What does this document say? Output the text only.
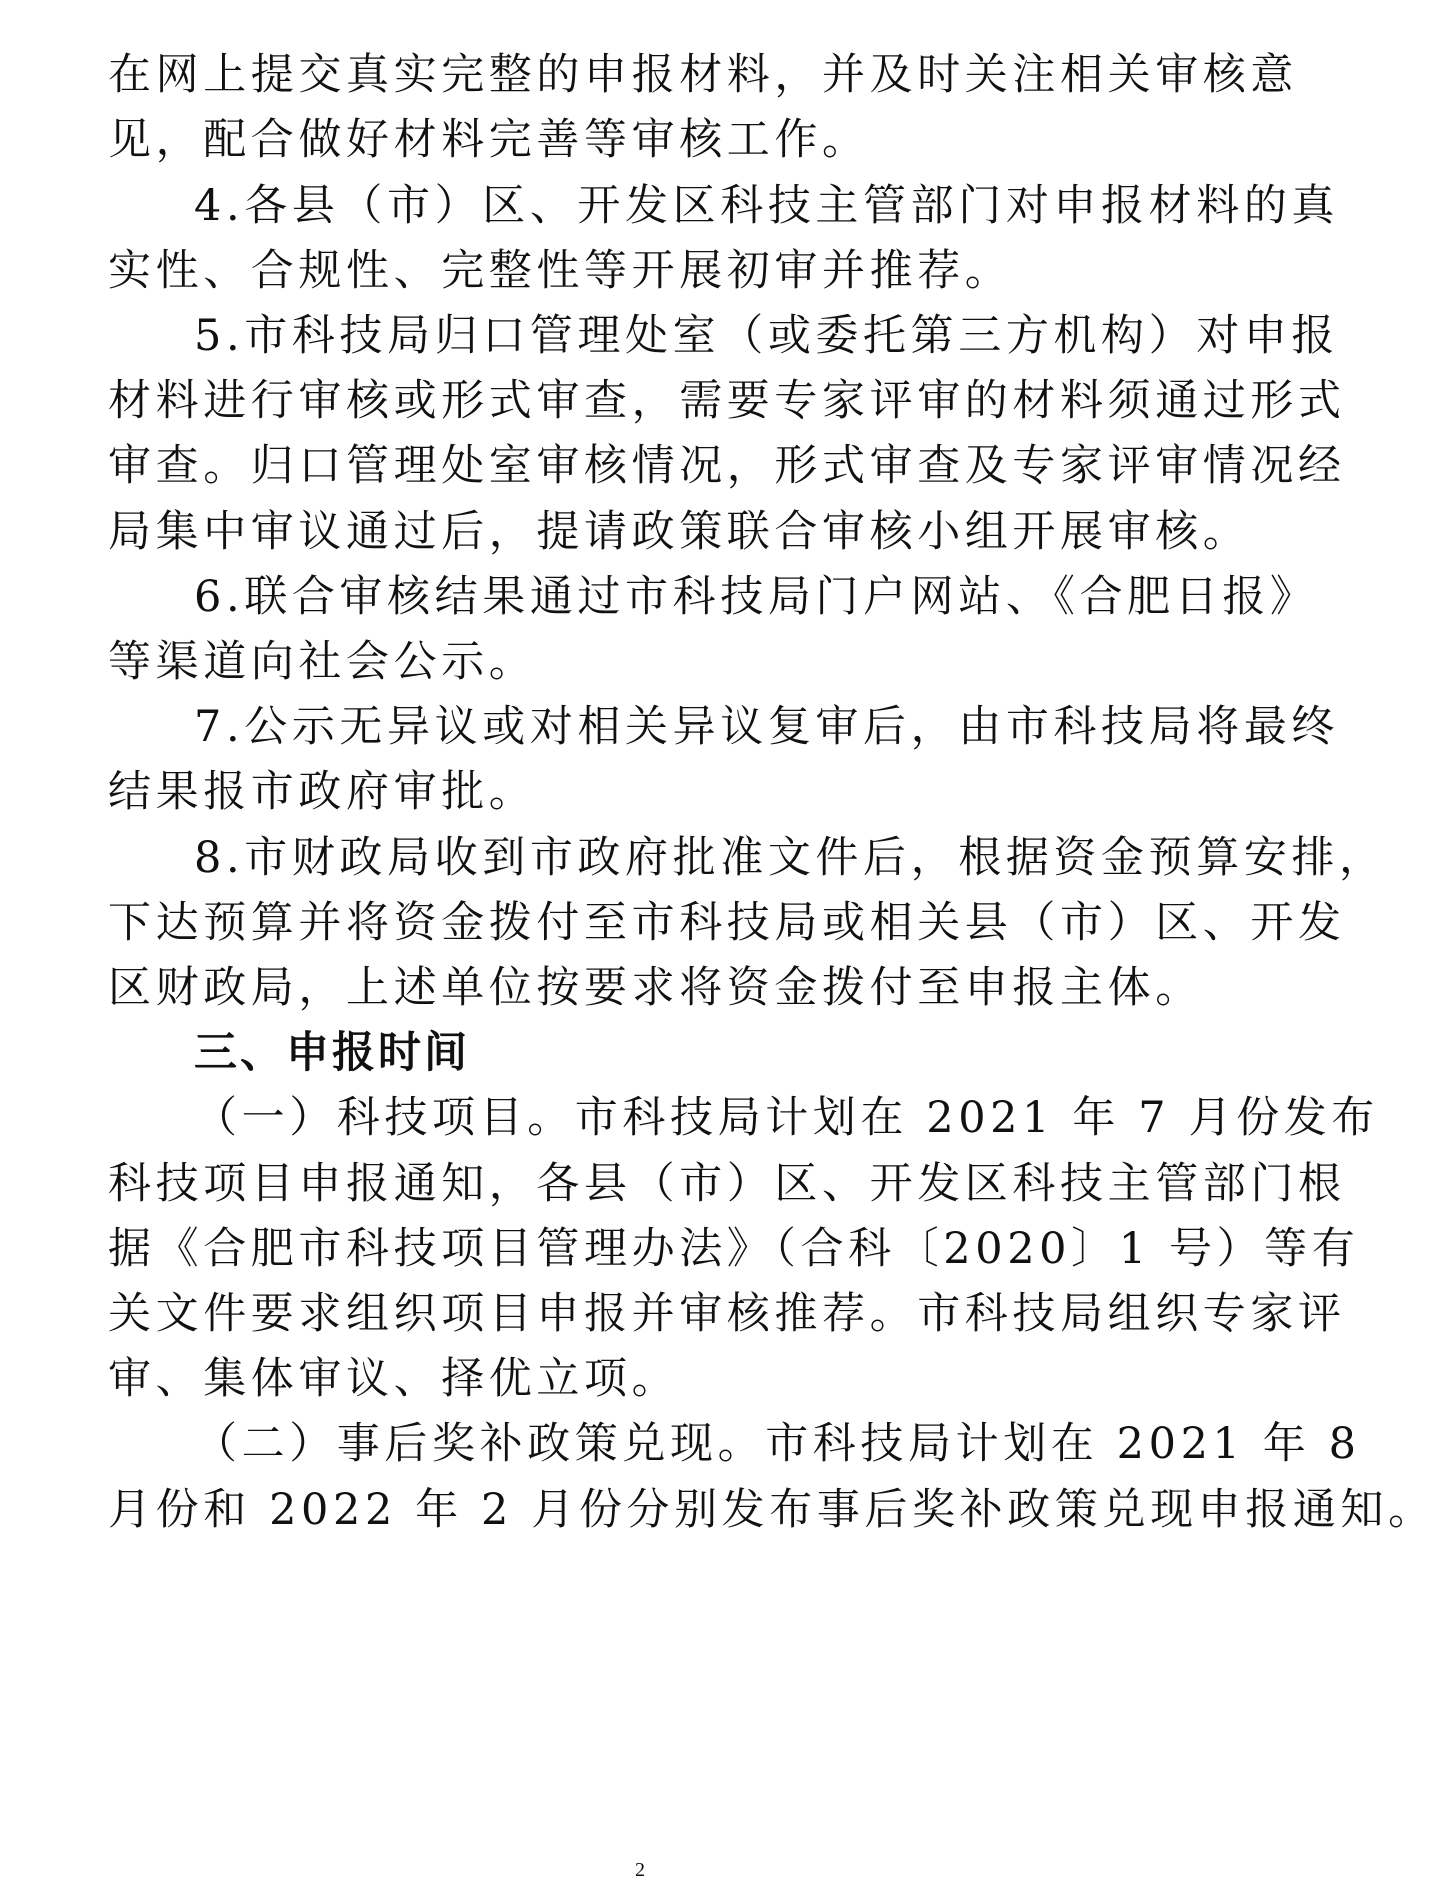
在网上提交真实完整的申报材料，并及时关注相关审核意
见，配合做好材料完善等审核工作。
4.各县（市）区、开发区科技主管部门对申报材料的真
实性、合规性、完整性等开展初审并推荐。
5.市科技局归口管理处室（或委托第三方机构）对申报
材料进行审核或形式审查，需要专家评审的材料须通过形式
审查。归口管理处室审核情况，形式审查及专家评审情况经
局集中审议通过后，提请政策联合审核小组开展审核。
6.联合审核结果通过市科技局门户网站、《合肥日报》
等渠道向社会公示。
7.公示无异议或对相关异议复审后，由市科技局将最终
结果报市政府审批。
8.市财政局收到市政府批准文件后，根据资金预算安排，
下达预算并将资金拨付至市科技局或相关县（市）区、开发
区财政局，上述单位按要求将资金拨付至申报主体。
三、申报时间
（一）科技项目。市科技局计划在 2021 年 7 月份发布
科技项目申报通知，各县（市）区、开发区科技主管部门根
据《合肥市科技项目管理办法》（合科〔2020〕1 号）等有
关文件要求组织项目申报并审核推荐。市科技局组织专家评
审、集体审议、择优立项。
（二）事后奖补政策兑现。市科技局计划在 2021 年 8
月份和 2022 年 2 月份分别发布事后奖补政策兑现申报通知。
2
